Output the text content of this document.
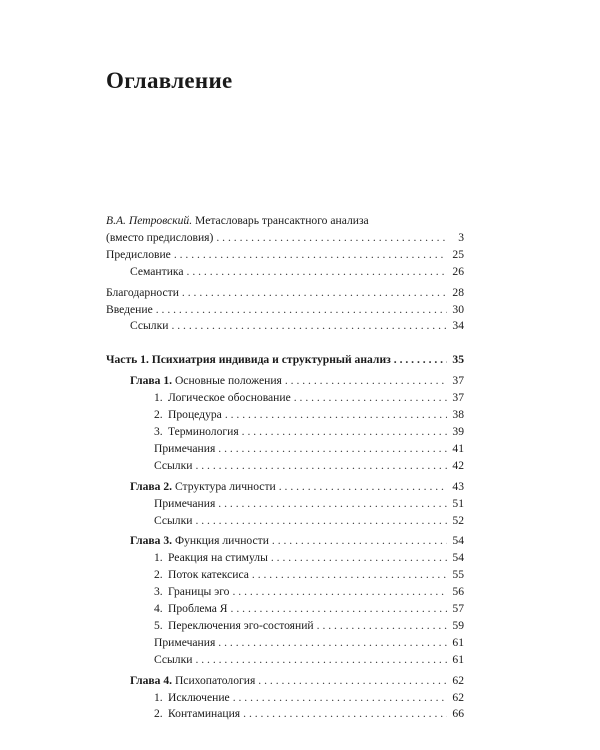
Оглавление
В.А. Петровский. Метасловарь трансактного анализа
(вместо предисловия) . . .	3
Предисловие . . .	25
Семантика . . .	26
Благодарности . . .	28
Введение . . .	30
Ссылки . . .	34
Часть 1. Психиатрия индивида и структурный анализ . . .	35
Глава 1. Основные положения . . .	37
1. Логическое обоснование . . .	37
2. Процедура . . .	38
3. Терминология . . .	39
Примечания . . .	41
Ссылки . . .	42
Глава 2. Структура личности . . .	43
Примечания . . .	51
Ссылки . . .	52
Глава 3. Функция личности . . .	54
1. Реакция на стимулы . . .	54
2. Поток катексиса . . .	55
3. Границы эго . . .	56
4. Проблема Я . . .	57
5. Переключения эго-состояний . . .	59
Примечания . . .	61
Ссылки . . .	61
Глава 4. Психопатология . . .	62
1. Исключение . . .	62
2. Контаминация . . .	66
